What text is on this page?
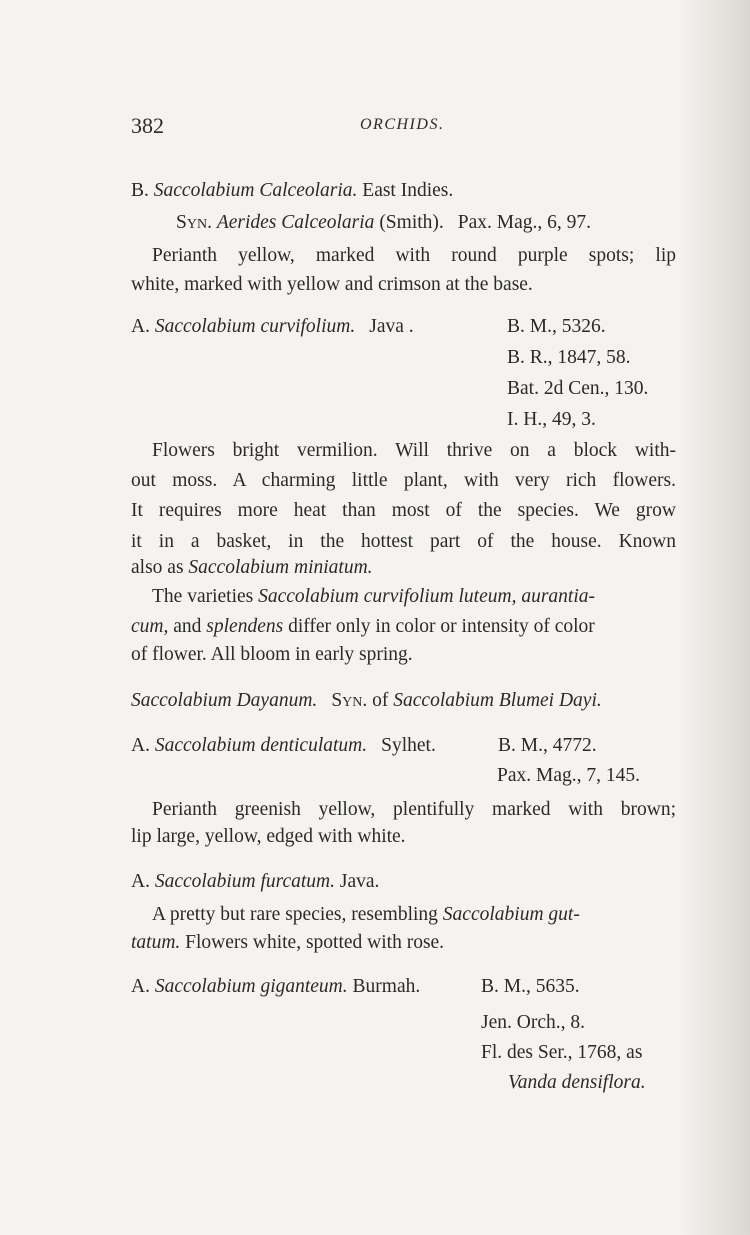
382	ORCHIDS.
B. Saccolabium Calceolaria. East Indies.
Syn. Aerides Calceolaria (Smith). Pax. Mag., 6, 97.
Perianth yellow, marked with round purple spots; lip
white, marked with yellow and crimson at the base.
A. Saccolabium curvifolium. Java .	B. M., 5326.
B. R., 1847, 58.
Bat. 2d Cen., 130.
I. H., 49, 3.
Flowers bright vermilion. Will thrive on a block with-
out moss. A charming little plant, with very rich flowers.
It requires more heat than most of the species. We grow
it in a basket, in the hottest part of the house. Known
also as Saccolabium miniatum.
The varieties Saccolabium curvifolium luteum, aurantia-
cum, and splendens differ only in color or intensity of color
of flower. All bloom in early spring.
Saccolabium Dayanum. Syn. of Saccolabium Blumei Dayi.
A. Saccolabium denticulatum. Sylhet.	B. M., 4772.
Pax. Mag., 7, 145.
Perianth greenish yellow, plentifully marked with brown;
lip large, yellow, edged with white.
A. Saccolabium furcatum. Java.
A pretty but rare species, resembling Saccolabium gut-
tatum. Flowers white, spotted with rose.
A. Saccolabium giganteum. Burmah.	B. M., 5635.
Jen. Orch., 8.
Fl. des Ser., 1768, as
Vanda densiflora.
